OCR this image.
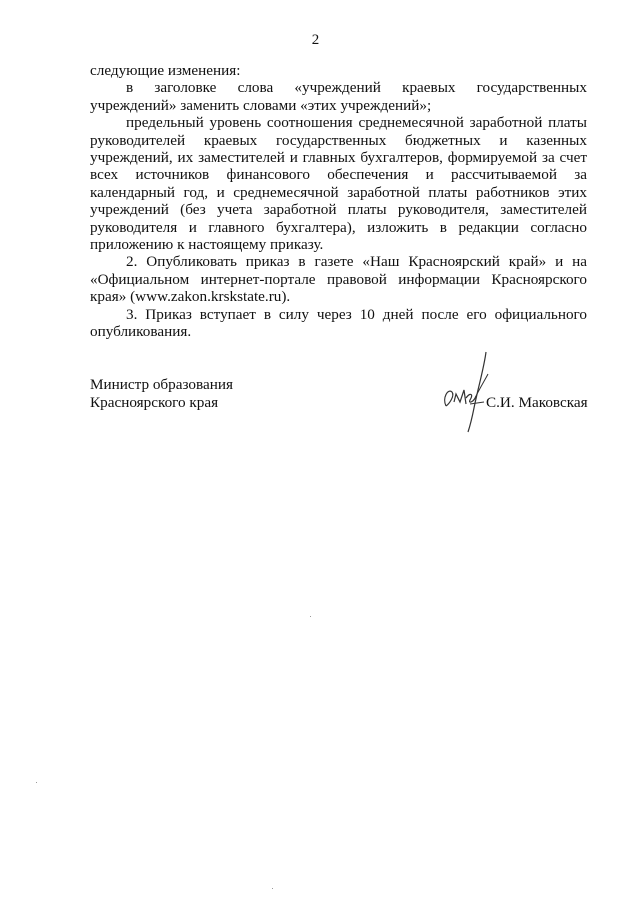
2

следующие изменения:

в заголовке слова «учреждений краевых государственных учреждений» заменить словами «этих учреждений»;

предельный уровень соотношения среднемесячной заработной платы руководителей краевых государственных бюджетных и казенных учреждений, их заместителей и главных бухгалтеров, формируемой за счет всех источников финансового обеспечения и рассчитываемой за календарный год, и среднемесячной заработной платы работников этих учреждений (без учета заработной платы руководителя, заместителей руководителя и главного бухгалтера), изложить в редакции согласно приложению к настоящему приказу.

2. Опубликовать приказ в газете «Наш Красноярский край» и на «Официальном интернет-портале правовой информации Красноярского края» (www.zakon.krskstate.ru).

3. Приказ вступает в силу через 10 дней после его официального опубликования.

Министр образования
Красноярского края	С.И. Маковская
